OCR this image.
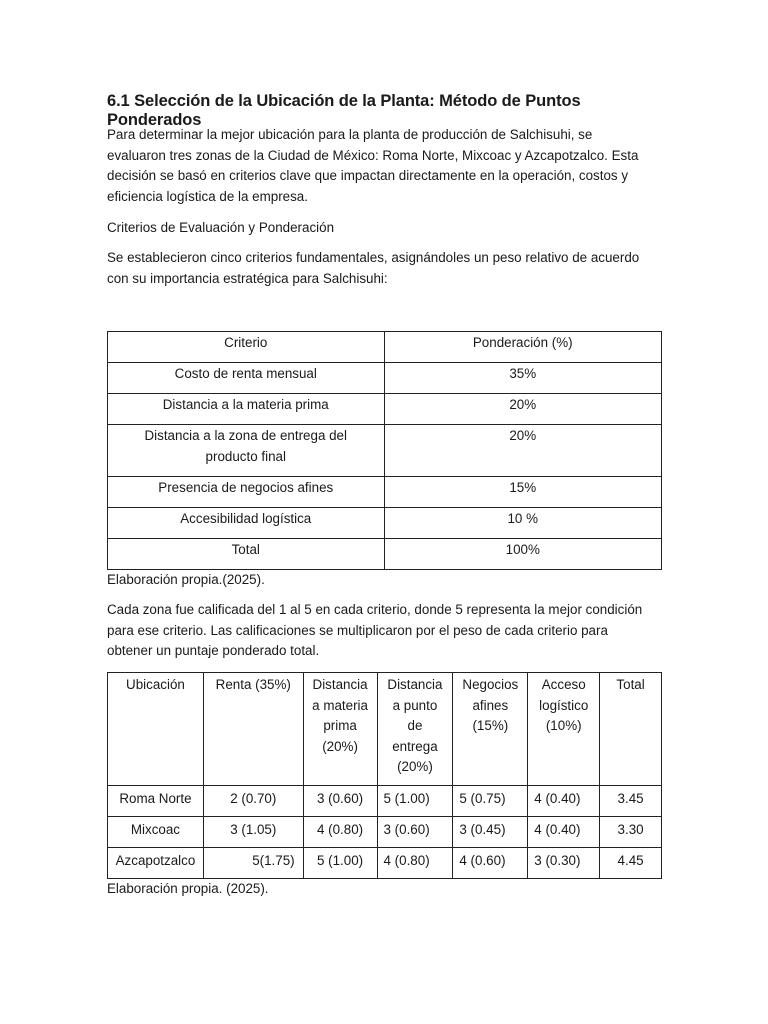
6.1 Selección de la Ubicación de la Planta: Método de Puntos Ponderados

Para determinar la mejor ubicación para la planta de producción de Salchisuhi, se
evaluaron tres zonas de la Ciudad de México: Roma Norte, Mixcoac y Azcapotzalco. Esta
decisión se basó en criterios clave que impactan directamente en la operación, costos y
eficiencia logística de la empresa.

Criterios de Evaluación y Ponderación

Se establecieron cinco criterios fundamentales, asignándoles un peso relativo de acuerdo
con su importancia estratégica para Salchisuhi:

Criterio	Ponderación (%)
Costo de renta mensual	35%
Distancia a la materia prima	20%
Distancia a la zona de entrega del
producto final	20%
Presencia de negocios afines	15%
Accesibilidad logística	10 %
Total	100%

Elaboración propia.(2025).

Cada zona fue calificada del 1 al 5 en cada criterio, donde 5 representa la mejor condición
para ese criterio. Las calificaciones se multiplicaron por el peso de cada criterio para
obtener un puntaje ponderado total.

Ubicación	Renta (35%)	Distancia
a materia
prima
(20%)	Distancia
a punto
de
entrega
(20%)	Negocios
afines
(15%)	Acceso
logístico
(10%)	Total
Roma Norte	2 (0.70)	3 (0.60)	5 (1.00)	5 (0.75)	4 (0.40)	3.45
Mixcoac	3 (1.05)	4 (0.80)	3 (0.60)	3 (0.45)	4 (0.40)	3.30
Azcapotzalco	5(1.75)	5 (1.00)	4 (0.80)	4 (0.60)	3 (0.30)	4.45

Elaboración propia. (2025).
